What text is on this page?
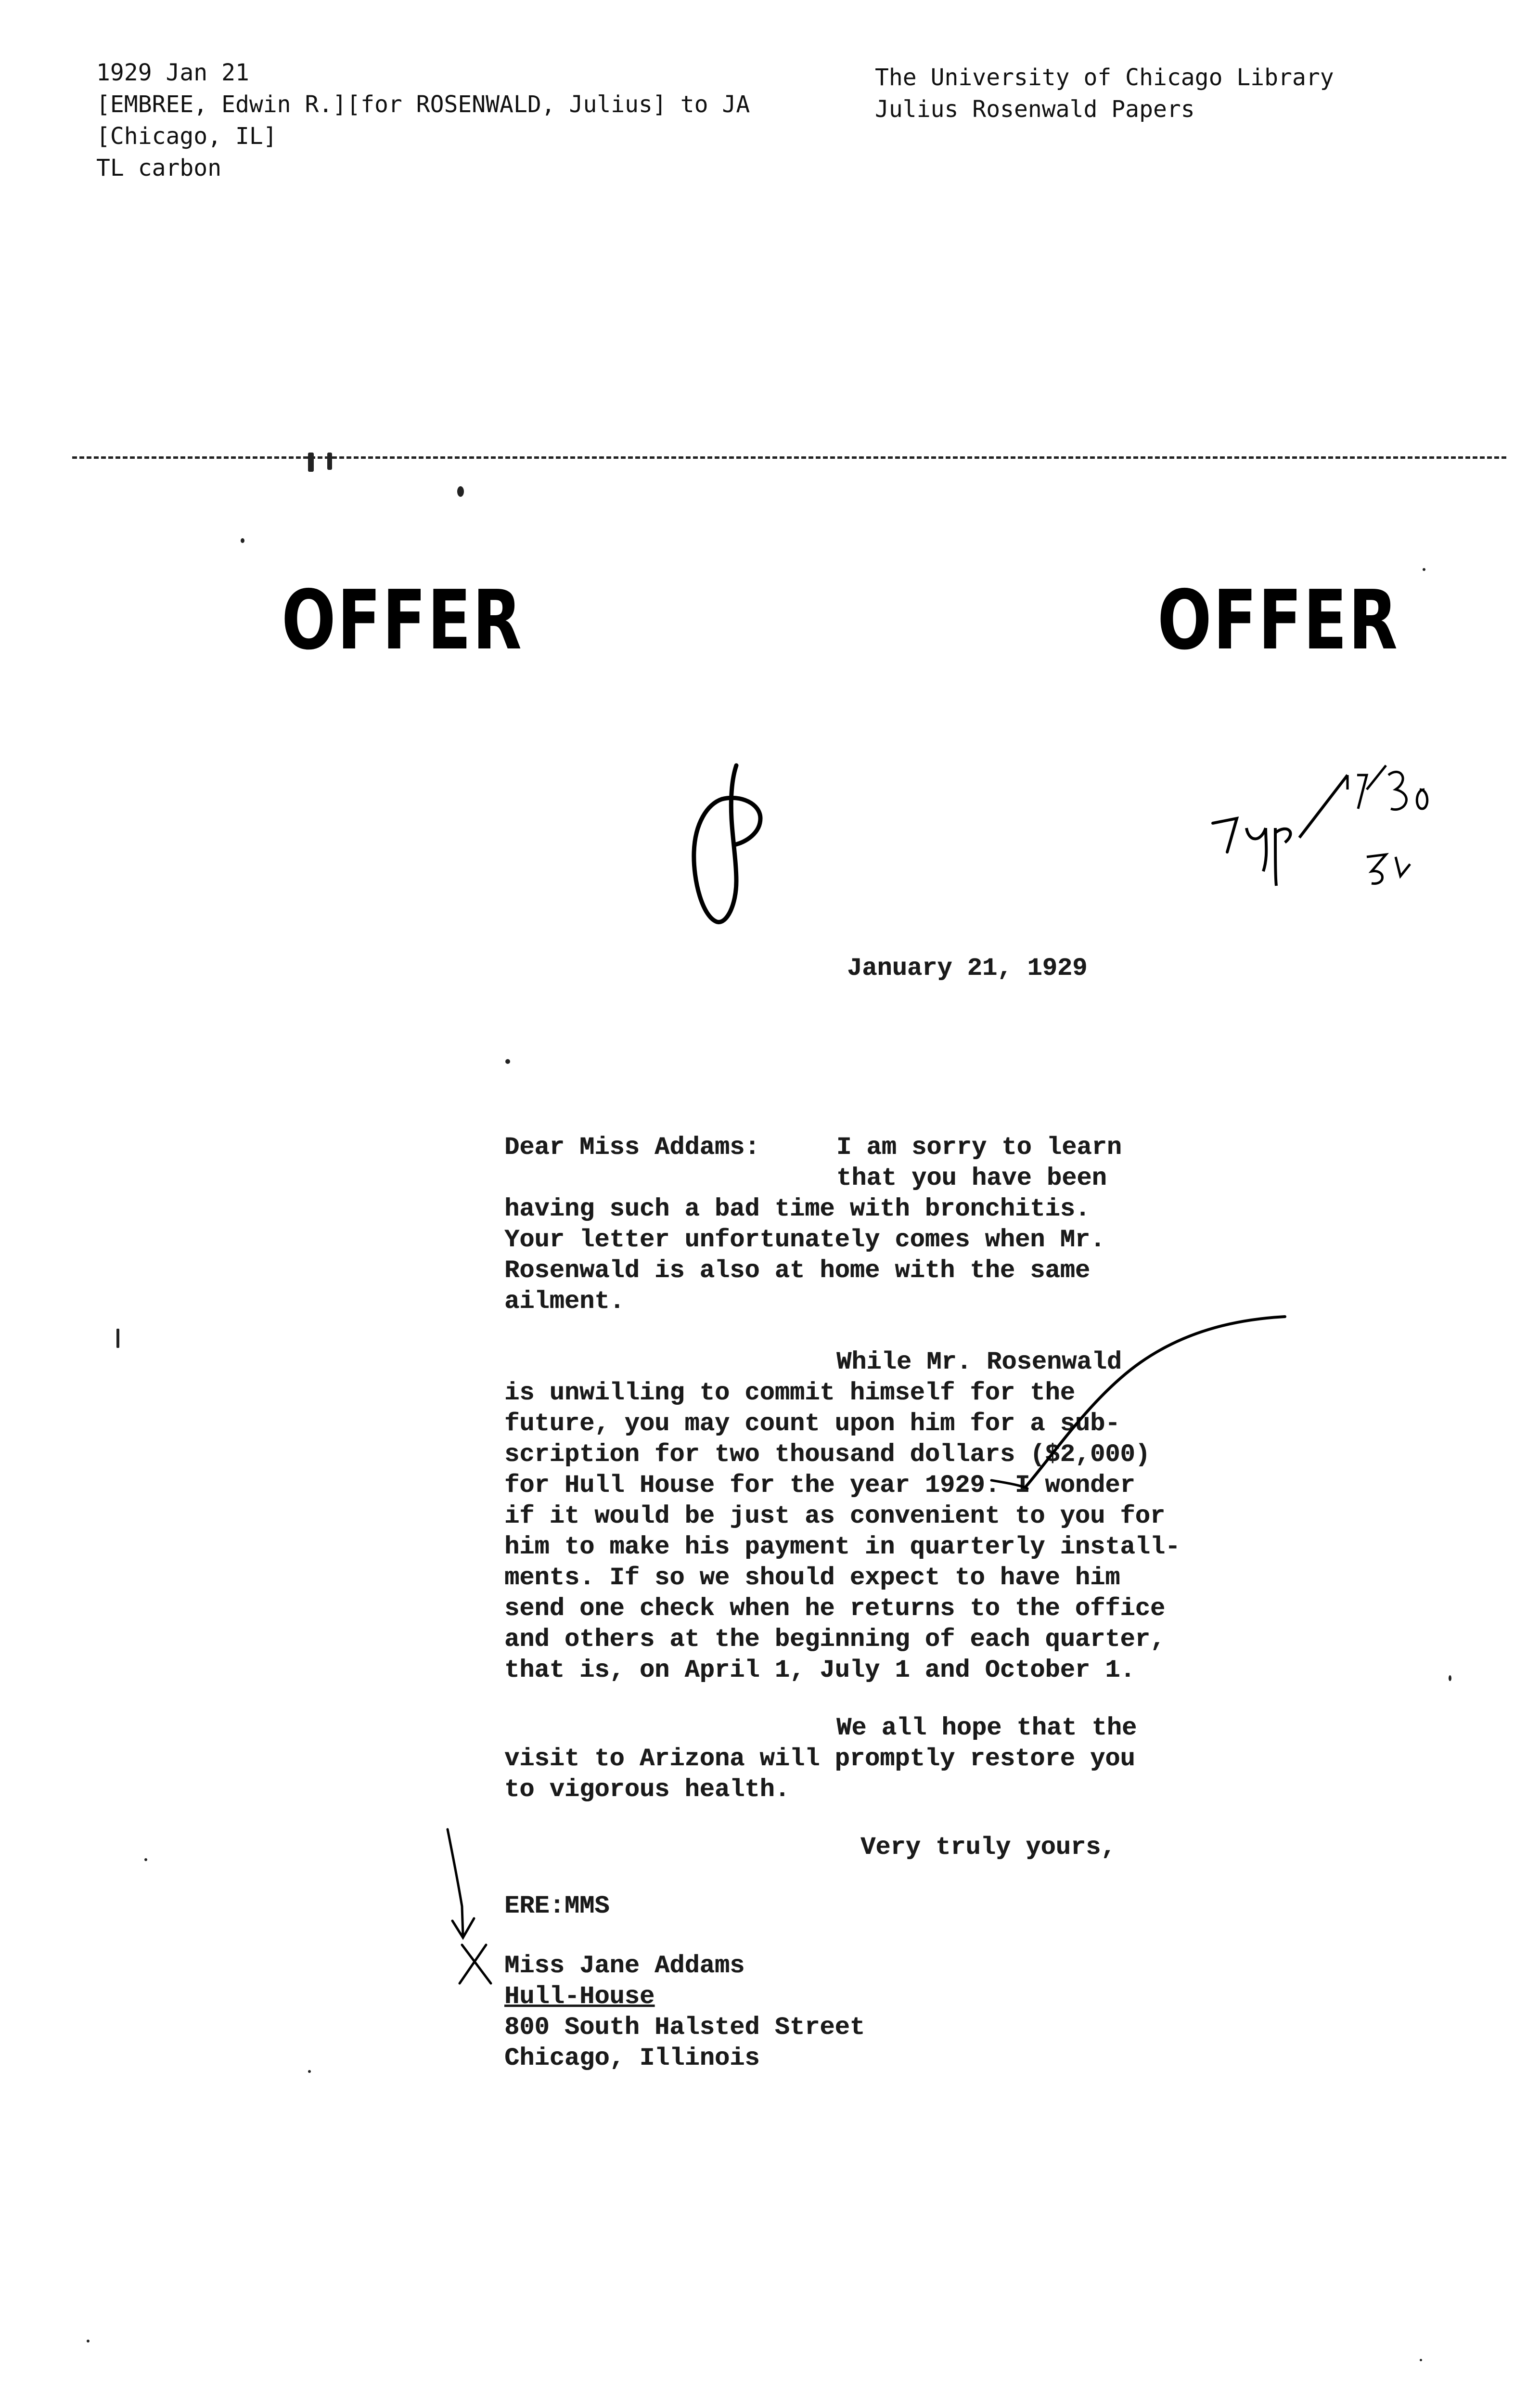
1929 Jan 21
[EMBREE, Edwin R.][for ROSENWALD, Julius] to JA
[Chicago, IL]
TL carbon
The University of Chicago Library
Julius Rosenwald Papers
OFFER	OFFER
January 21, 1929
Dear Miss Addams:	I am sorry to learn
that you have been
having such a bad time with bronchitis.
Your letter unfortunately comes when Mr.
Rosenwald is also at home with the same
ailment.
While Mr. Rosenwald
is unwilling to commit himself for the
future, you may count upon him for a sub-
scription for two thousand dollars ($2,000)
for Hull House for the year 1929. I wonder
if it would be just as convenient to you for
him to make his payment in quarterly install-
ments. If so we should expect to have him
send one check when he returns to the office
and others at the beginning of each quarter,
that is, on April 1, July 1 and October 1.
We all hope that the
visit to Arizona will promptly restore you
to vigorous health.
Very truly yours,
ERE:MMS
Miss Jane Addams
Hull-House
800 South Halsted Street
Chicago, Illinois
